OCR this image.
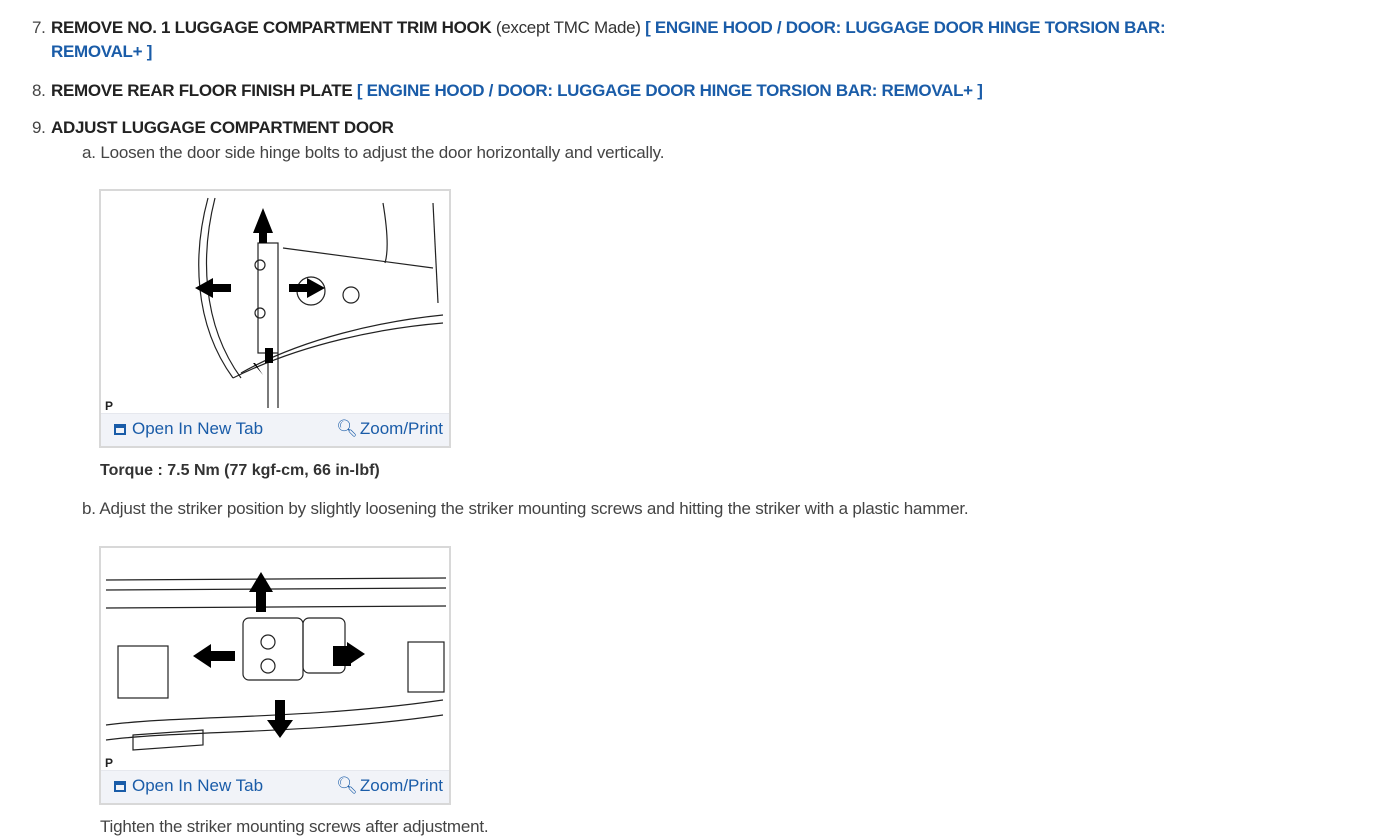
7. REMOVE NO. 1 LUGGAGE COMPARTMENT TRIM HOOK (except TMC Made) [ ENGINE HOOD / DOOR: LUGGAGE DOOR HINGE TORSION BAR:
REMOVAL+ ]
8. REMOVE REAR FLOOR FINISH PLATE [ ENGINE HOOD / DOOR: LUGGAGE DOOR HINGE TORSION BAR: REMOVAL+ ]
9. ADJUST LUGGAGE COMPARTMENT DOOR
a. Loosen the door side hinge bolts to adjust the door horizontally and vertically.
P
Open In New Tab	🔍︎ Zoom/Print
Torque : 7.5 Nm (77 kgf-cm, 66 in-lbf)
b. Adjust the striker position by slightly loosening the striker mounting screws and hitting the striker with a plastic hammer.
P
Open In New Tab	🔍︎ Zoom/Print
Tighten the striker mounting screws after adjustment.
